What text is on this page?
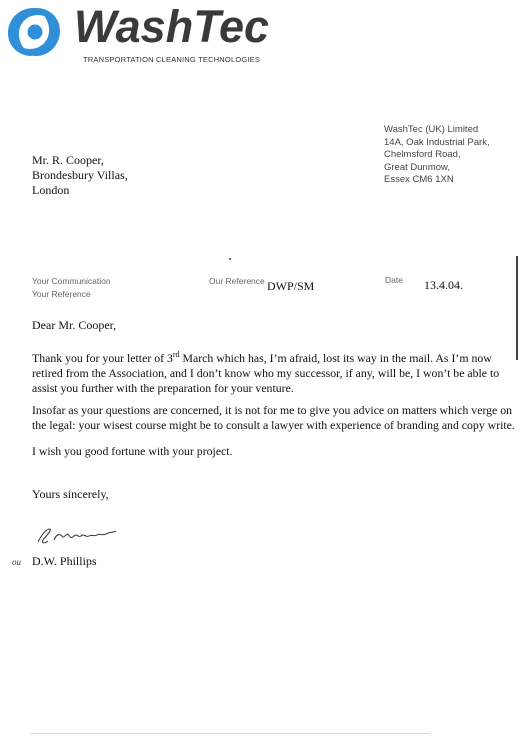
WashTec
TRANSPORTATION CLEANING TECHNOLOGIES
WashTec (UK) Limited
14A, Oak Industrial Park,
Chelmsford Road,
Great Dunmow,
Essex CM6 1XN
Mr. R. Cooper,
Brondesbury Villas,
London
Your Communication
Your Reference
Our Reference DWP/SM	Date 13.4.04.
Dear Mr. Cooper,

Thank you for your letter of 3rd March which has, I’m afraid, lost its way in the mail. As I’m now

retired from the Association, and I don’t know who my successor, if any, will be, I won’t be able to

assist you further with the preparation for your venture.

Insofar as your questions are concerned, it is not for me to give you advice on matters which verge on

the legal: your wisest course might be to consult a lawyer with experience of branding and copy write.

I wish you good fortune with your project.

Yours sincerely,
ou D.W. Phillips
